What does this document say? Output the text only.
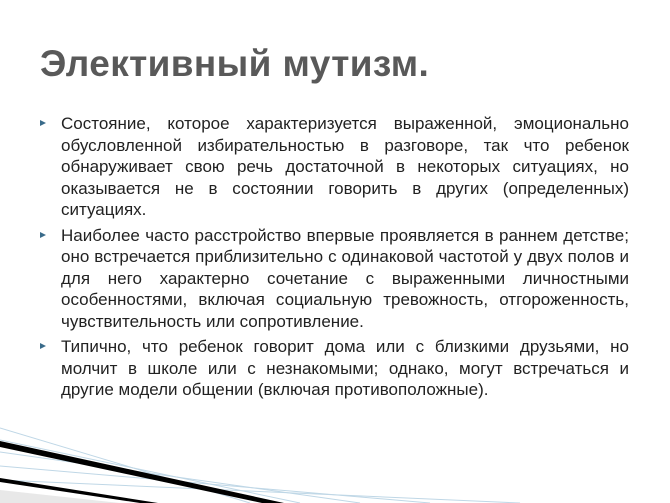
Элективный мутизм.
Состояние, которое характеризуется выраженной, эмоционально обусловленной избирательностью в разговоре, так что ребенок обнаруживает свою речь достаточной в некоторых ситуациях, но оказывается не в состоянии говорить в других (определенных) ситуациях.
Наиболее часто расстройство впервые проявляется в раннем детстве; оно встречается приблизительно с одинаковой частотой у двух полов и для него характерно сочетание с выраженными личностными особенностями, включая социальную тревожность, отгороженность, чувствительность или сопротивление.
Типично, что ребенок говорит дома или с близкими друзьями, но молчит в школе или с незнакомыми; однако, могут встречаться и другие модели общении (включая противоположные).
